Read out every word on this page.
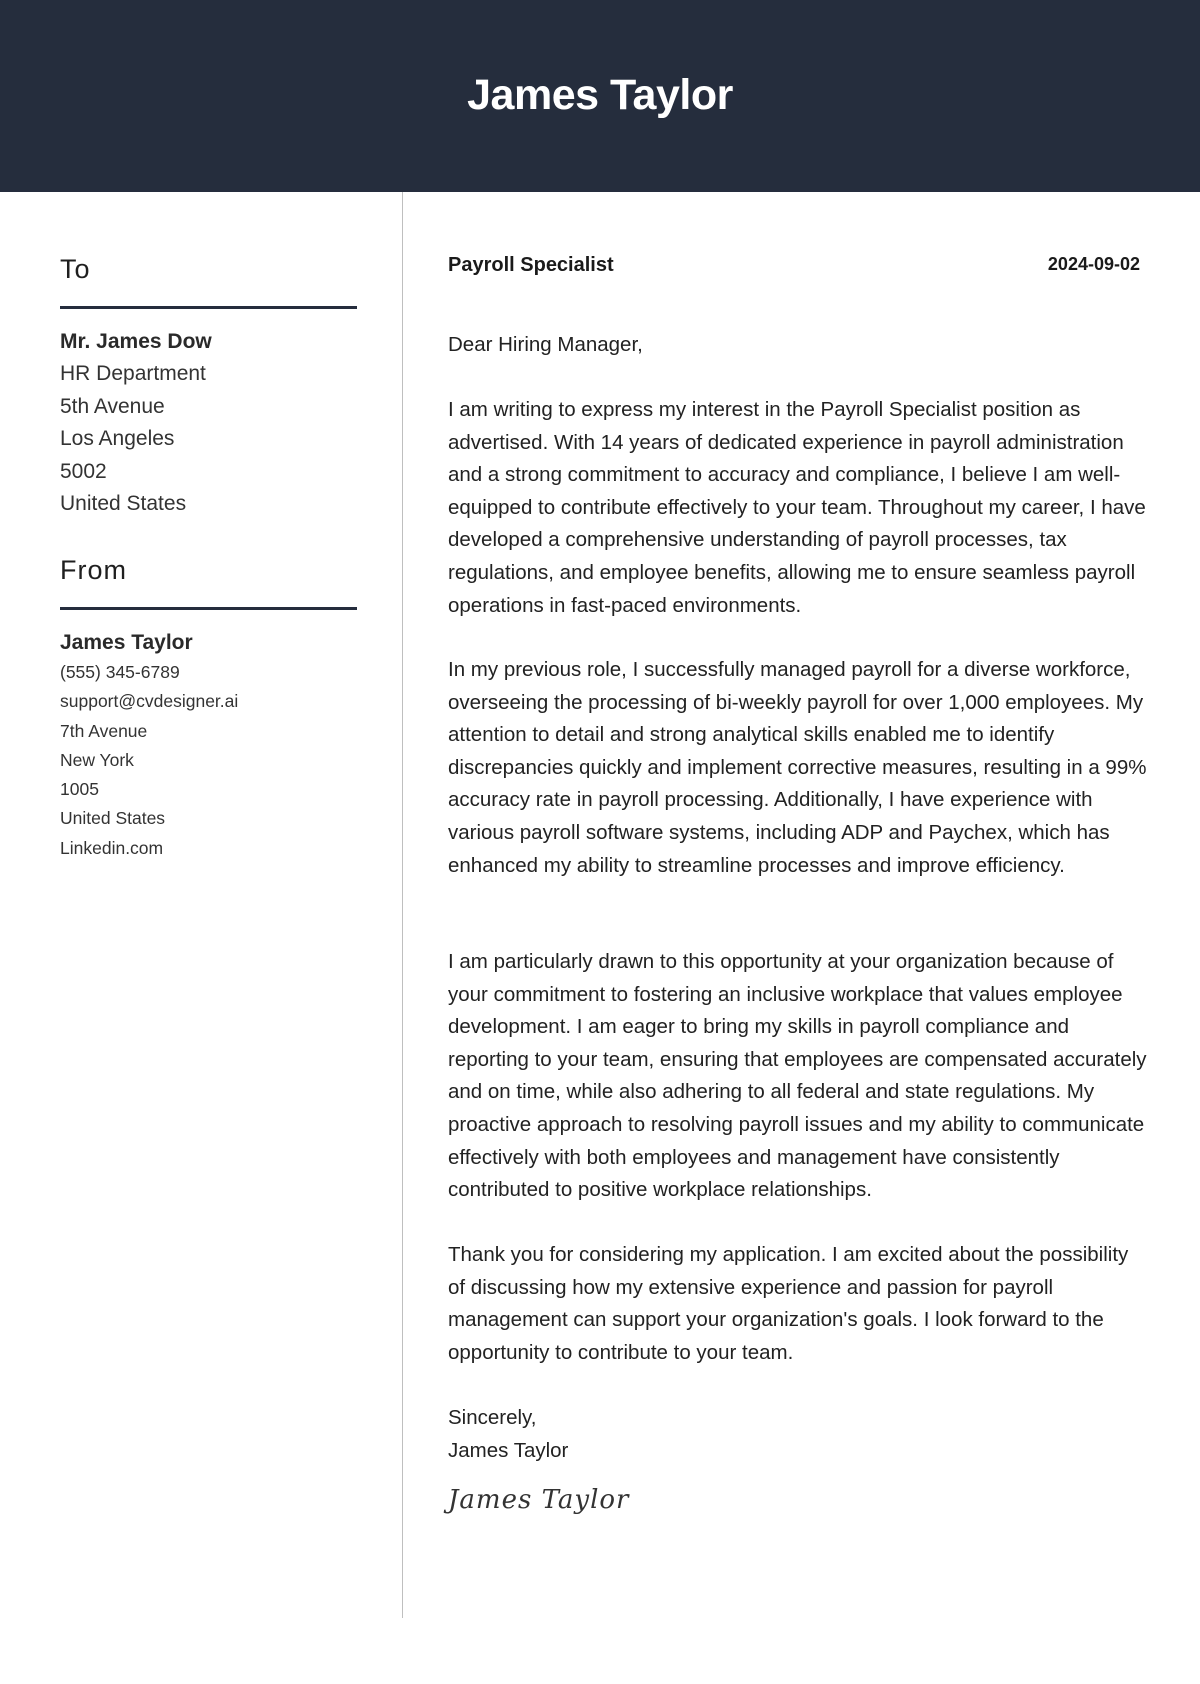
James Taylor
To
Mr. James Dow
HR Department
5th Avenue
Los Angeles
5002
United States
From
James Taylor
(555) 345-6789
support@cvdesigner.ai
7th Avenue
New York
1005
United States
Linkedin.com
Payroll Specialist	2024-09-02
Dear Hiring Manager,
I am writing to express my interest in the Payroll Specialist position as advertised. With 14 years of dedicated experience in payroll administration and a strong commitment to accuracy and compliance, I believe I am well-equipped to contribute effectively to your team. Throughout my career, I have developed a comprehensive understanding of payroll processes, tax regulations, and employee benefits, allowing me to ensure seamless payroll operations in fast-paced environments.
In my previous role, I successfully managed payroll for a diverse workforce, overseeing the processing of bi-weekly payroll for over 1,000 employees. My attention to detail and strong analytical skills enabled me to identify discrepancies quickly and implement corrective measures, resulting in a 99% accuracy rate in payroll processing. Additionally, I have experience with various payroll software systems, including ADP and Paychex, which has enhanced my ability to streamline processes and improve efficiency.
I am particularly drawn to this opportunity at your organization because of your commitment to fostering an inclusive workplace that values employee development. I am eager to bring my skills in payroll compliance and reporting to your team, ensuring that employees are compensated accurately and on time, while also adhering to all federal and state regulations. My proactive approach to resolving payroll issues and my ability to communicate effectively with both employees and management have consistently contributed to positive workplace relationships.
Thank you for considering my application. I am excited about the possibility of discussing how my extensive experience and passion for payroll management can support your organization's goals. I look forward to the opportunity to contribute to your team.
Sincerely,
James Taylor
James Taylor
